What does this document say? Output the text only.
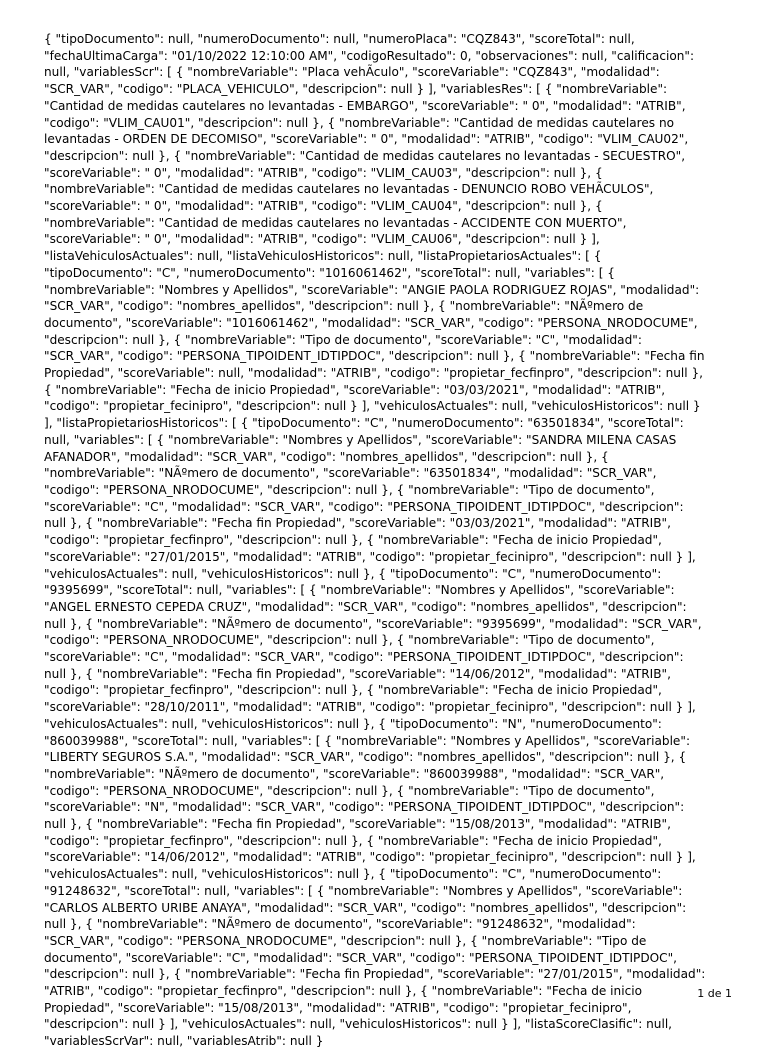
{ "tipoDocumento": null, "numeroDocumento": null, "numeroPlaca": "CQZ843", "scoreTotal": null,
"fechaUltimaCarga": "01/10/2022 12:10:00 AM", "codigoResultado": 0, "observaciones": null, "calificacion":
null, "variablesScr": [ { "nombreVariable": "Placa vehÃculo", "scoreVariable": "CQZ843", "modalidad":
"SCR_VAR", "codigo": "PLACA_VEHICULO", "descripcion": null } ], "variablesRes": [ { "nombreVariable":
"Cantidad de medidas cautelares no levantadas - EMBARGO", "scoreVariable": " 0", "modalidad": "ATRIB",
"codigo": "VLIM_CAU01", "descripcion": null }, { "nombreVariable": "Cantidad de medidas cautelares no
levantadas - ORDEN DE DECOMISO", "scoreVariable": " 0", "modalidad": "ATRIB", "codigo": "VLIM_CAU02",
"descripcion": null }, { "nombreVariable": "Cantidad de medidas cautelares no levantadas - SECUESTRO",
"scoreVariable": " 0", "modalidad": "ATRIB", "codigo": "VLIM_CAU03", "descripcion": null }, {
"nombreVariable": "Cantidad de medidas cautelares no levantadas - DENUNCIO ROBO VEHÃCULOS",
"scoreVariable": " 0", "modalidad": "ATRIB", "codigo": "VLIM_CAU04", "descripcion": null }, {
"nombreVariable": "Cantidad de medidas cautelares no levantadas - ACCIDENTE CON MUERTO",
"scoreVariable": " 0", "modalidad": "ATRIB", "codigo": "VLIM_CAU06", "descripcion": null } ],
"listaVehiculosActuales": null, "listaVehiculosHistoricos": null, "listaPropietariosActuales": [ {
"tipoDocumento": "C", "numeroDocumento": "1016061462", "scoreTotal": null, "variables": [ {
"nombreVariable": "Nombres y Apellidos", "scoreVariable": "ANGIE PAOLA RODRIGUEZ ROJAS", "modalidad":
"SCR_VAR", "codigo": "nombres_apellidos", "descripcion": null }, { "nombreVariable": "NÃºmero de
documento", "scoreVariable": "1016061462", "modalidad": "SCR_VAR", "codigo": "PERSONA_NRODOCUME",
"descripcion": null }, { "nombreVariable": "Tipo de documento", "scoreVariable": "C", "modalidad":
"SCR_VAR", "codigo": "PERSONA_TIPOIDENT_IDTIPDOC", "descripcion": null }, { "nombreVariable": "Fecha fin
Propiedad", "scoreVariable": null, "modalidad": "ATRIB", "codigo": "propietar_fecfinpro", "descripcion": null },
{ "nombreVariable": "Fecha de inicio Propiedad", "scoreVariable": "03/03/2021", "modalidad": "ATRIB",
"codigo": "propietar_fecinipro", "descripcion": null } ], "vehiculosActuales": null, "vehiculosHistoricos": null }
], "listaPropietariosHistoricos": [ { "tipoDocumento": "C", "numeroDocumento": "63501834", "scoreTotal":
null, "variables": [ { "nombreVariable": "Nombres y Apellidos", "scoreVariable": "SANDRA MILENA CASAS
AFANADOR", "modalidad": "SCR_VAR", "codigo": "nombres_apellidos", "descripcion": null }, {
"nombreVariable": "NÃºmero de documento", "scoreVariable": "63501834", "modalidad": "SCR_VAR",
"codigo": "PERSONA_NRODOCUME", "descripcion": null }, { "nombreVariable": "Tipo de documento",
"scoreVariable": "C", "modalidad": "SCR_VAR", "codigo": "PERSONA_TIPOIDENT_IDTIPDOC", "descripcion":
null }, { "nombreVariable": "Fecha fin Propiedad", "scoreVariable": "03/03/2021", "modalidad": "ATRIB",
"codigo": "propietar_fecfinpro", "descripcion": null }, { "nombreVariable": "Fecha de inicio Propiedad",
"scoreVariable": "27/01/2015", "modalidad": "ATRIB", "codigo": "propietar_fecinipro", "descripcion": null } ],
"vehiculosActuales": null, "vehiculosHistoricos": null }, { "tipoDocumento": "C", "numeroDocumento":
"9395699", "scoreTotal": null, "variables": [ { "nombreVariable": "Nombres y Apellidos", "scoreVariable":
"ANGEL ERNESTO CEPEDA CRUZ", "modalidad": "SCR_VAR", "codigo": "nombres_apellidos", "descripcion":
null }, { "nombreVariable": "NÃºmero de documento", "scoreVariable": "9395699", "modalidad": "SCR_VAR",
"codigo": "PERSONA_NRODOCUME", "descripcion": null }, { "nombreVariable": "Tipo de documento",
"scoreVariable": "C", "modalidad": "SCR_VAR", "codigo": "PERSONA_TIPOIDENT_IDTIPDOC", "descripcion":
null }, { "nombreVariable": "Fecha fin Propiedad", "scoreVariable": "14/06/2012", "modalidad": "ATRIB",
"codigo": "propietar_fecfinpro", "descripcion": null }, { "nombreVariable": "Fecha de inicio Propiedad",
"scoreVariable": "28/10/2011", "modalidad": "ATRIB", "codigo": "propietar_fecinipro", "descripcion": null } ],
"vehiculosActuales": null, "vehiculosHistoricos": null }, { "tipoDocumento": "N", "numeroDocumento":
"860039988", "scoreTotal": null, "variables": [ { "nombreVariable": "Nombres y Apellidos", "scoreVariable":
"LIBERTY SEGUROS S.A.", "modalidad": "SCR_VAR", "codigo": "nombres_apellidos", "descripcion": null }, {
"nombreVariable": "NÃºmero de documento", "scoreVariable": "860039988", "modalidad": "SCR_VAR",
"codigo": "PERSONA_NRODOCUME", "descripcion": null }, { "nombreVariable": "Tipo de documento",
"scoreVariable": "N", "modalidad": "SCR_VAR", "codigo": "PERSONA_TIPOIDENT_IDTIPDOC", "descripcion":
null }, { "nombreVariable": "Fecha fin Propiedad", "scoreVariable": "15/08/2013", "modalidad": "ATRIB",
"codigo": "propietar_fecfinpro", "descripcion": null }, { "nombreVariable": "Fecha de inicio Propiedad",
"scoreVariable": "14/06/2012", "modalidad": "ATRIB", "codigo": "propietar_fecinipro", "descripcion": null } ],
"vehiculosActuales": null, "vehiculosHistoricos": null }, { "tipoDocumento": "C", "numeroDocumento":
"91248632", "scoreTotal": null, "variables": [ { "nombreVariable": "Nombres y Apellidos", "scoreVariable":
"CARLOS ALBERTO URIBE ANAYA", "modalidad": "SCR_VAR", "codigo": "nombres_apellidos", "descripcion":
null }, { "nombreVariable": "NÃºmero de documento", "scoreVariable": "91248632", "modalidad":
"SCR_VAR", "codigo": "PERSONA_NRODOCUME", "descripcion": null }, { "nombreVariable": "Tipo de
documento", "scoreVariable": "C", "modalidad": "SCR_VAR", "codigo": "PERSONA_TIPOIDENT_IDTIPDOC",
"descripcion": null }, { "nombreVariable": "Fecha fin Propiedad", "scoreVariable": "27/01/2015", "modalidad":
"ATRIB", "codigo": "propietar_fecfinpro", "descripcion": null }, { "nombreVariable": "Fecha de inicio
Propiedad", "scoreVariable": "15/08/2013", "modalidad": "ATRIB", "codigo": "propietar_fecinipro",
"descripcion": null } ], "vehiculosActuales": null, "vehiculosHistoricos": null } ], "listaScoreClasific": null,
"variablesScrVar": null, "variablesAtrib": null }

1 de 1
